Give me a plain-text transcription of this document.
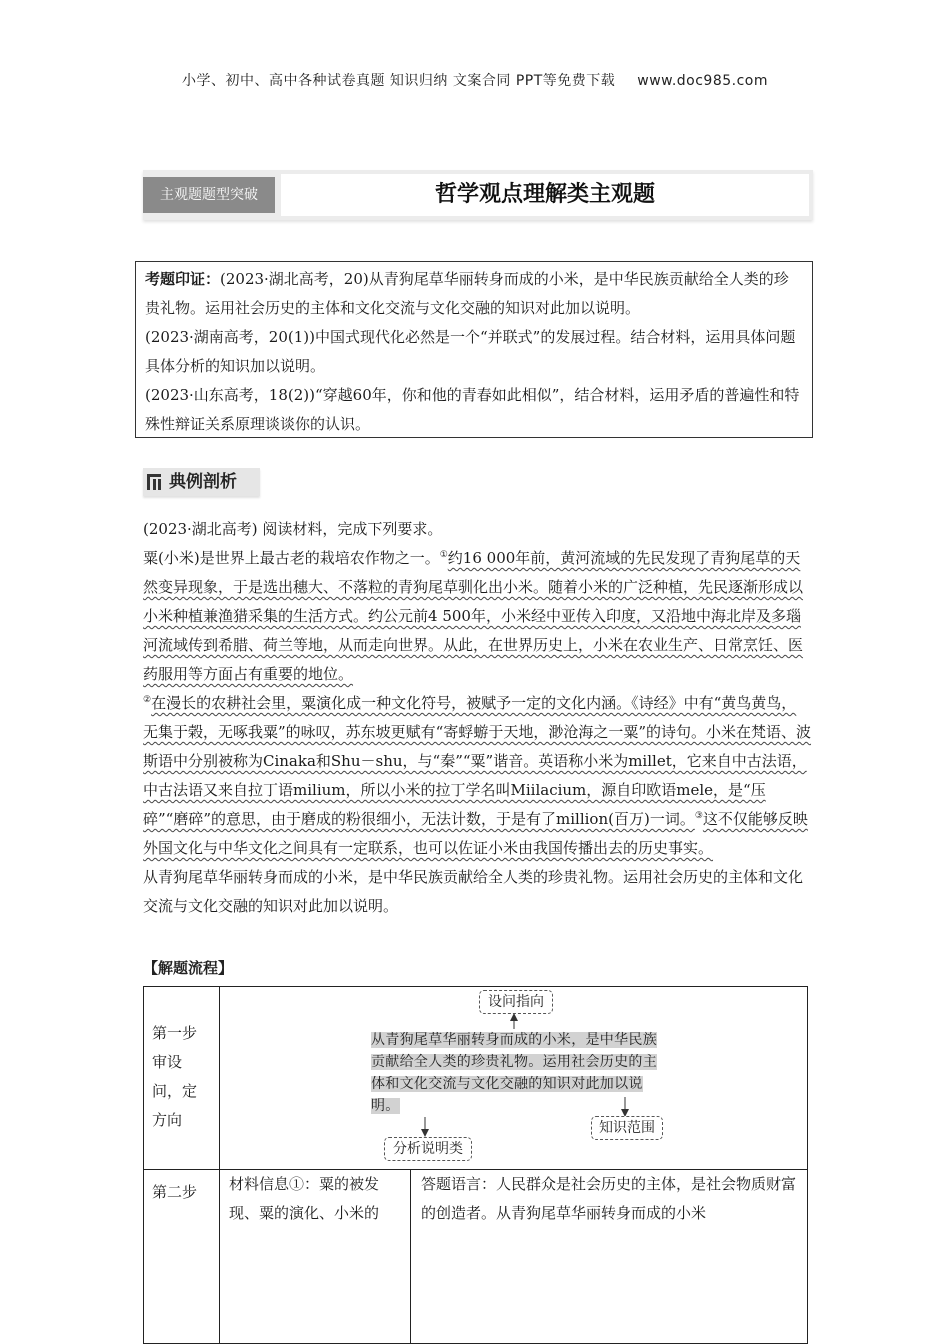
小学、初中、高中各种试卷真题 知识归纳 文案合同 PPT等免费下载 www.doc985.com
主观题题型突破	哲学观点理解类主观题

考题印证：(2023·湖北高考，20)从青狗尾草华丽转身而成的小米，是中华民族贡献给全人类的珍贵礼物。运用社会历史的主体和文化交流与文化交融的知识对此加以说明。

(2023·湖南高考，20(1))中国式现代化必然是一个“并联式”的发展过程。结合材料，运用具体问题具体分析的知识加以说明。

(2023·山东高考，18(2))“穿越60年，你和他的青春如此相似”，结合材料，运用矛盾的普遍性和特殊性辩证关系原理谈谈你的认识。

典例剖析

(2023·湖北高考) 阅读材料，完成下列要求。

粟(小米)是世界上最古老的栽培农作物之一。①约16 000年前，黄河流域的先民发现了青狗尾草的天然变异现象，于是选出穗大、不落粒的青狗尾草驯化出小米。随着小米的广泛种植，先民逐渐形成以小米种植兼渔猎采集的生活方式。约公元前4 500年，小米经中亚传入印度，又沿地中海北岸及多瑙河流域传到希腊、荷兰等地，从而走向世界。从此，在世界历史上，小米在农业生产、日常烹饪、医药服用等方面占有重要的地位。

②在漫长的农耕社会里，粟演化成一种文化符号，被赋予一定的文化内涵。《诗经》中有“黄鸟黄鸟，无集于榖，无啄我粟”的咏叹，苏东坡更赋有“寄蜉蝣于天地，渺沧海之一粟”的诗句。小米在梵语、波斯语中分别被称为Cinaka和Shu－shu，与“秦”“粟”谐音。英语称小米为millet，它来自中古法语，中古法语又来自拉丁语milium，所以小米的拉丁学名叫Miilacium，源自印欧语mele，是“压碎”“磨碎”的意思，由于磨成的粉很细小，无法计数，于是有了million(百万)一词。③这不仅能够反映外国文化与中华文化之间具有一定联系，也可以佐证小米由我国传播出去的历史事实。

从青狗尾草华丽转身而成的小米，是中华民族贡献给全人类的珍贵礼物。运用社会历史的主体和文化交流与文化交融的知识对此加以说明。

【解题流程】
第一步审设问，定方向
设问指向
从青狗尾草华丽转身而成的小米，是中华民族贡献给全人类的珍贵礼物。运用社会历史的主体和文化交流与文化交融的知识对此加以说明。
分析说明类
知识范围
第二步	材料信息①：粟的被发现、粟的演化、小米的
答题语言：人民群众是社会历史的主体，是社会物质财富的创造者。从青狗尾草华丽转身而成的小米
